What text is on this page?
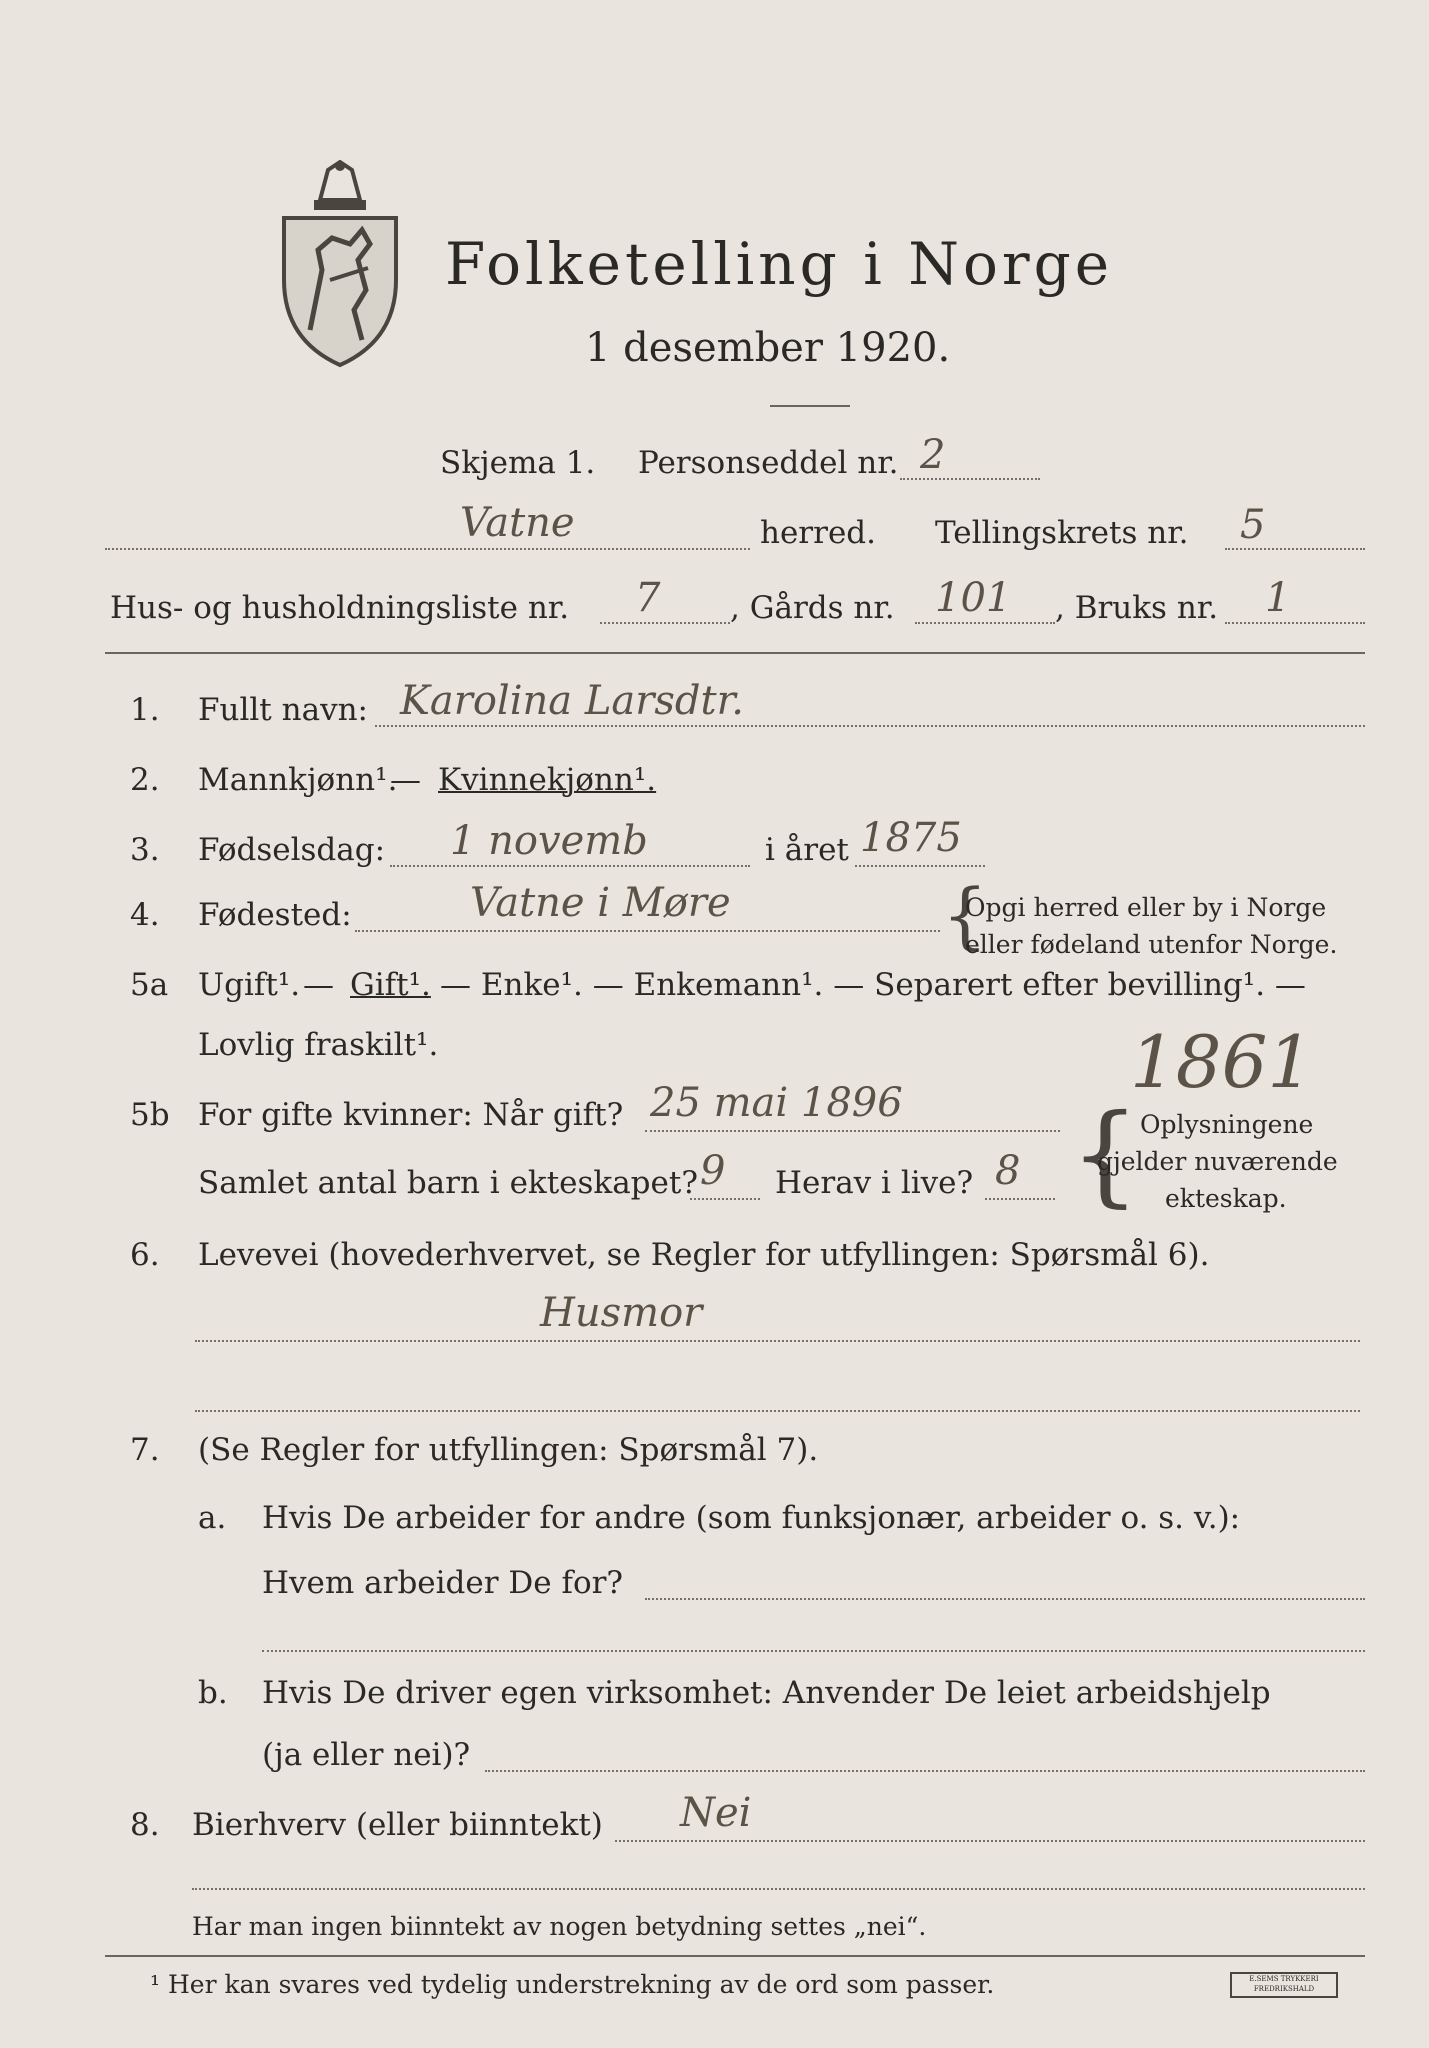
Folketelling i Norge
1 desember 1920.
Skjema 1. Personseddel nr. 2
Vatne	herred. Tellingskrets nr. 5
Hus- og husholdningsliste nr. 7 , Gårds nr. 101 , Bruks nr. 1
1. Fullt navn: Karolina Larsdtr.
2. Mannkjønn¹.
— Kvinnekjønn¹.
3. Fødselsdag: 1 novemb	i året 1875
4. Fødested:	Vatne i Møre	{
Opgi herred eller by i Norge
eller fødeland utenfor Norge.
5a Ugift¹. — Gift¹. — Enke¹. — Enkemann¹. — Separert efter bevilling¹. —
Lovlig fraskilt¹.	1861
5b For gifte kvinner: Når gift? 25 mai 1896
Samlet antal barn i ekteskapet? 9 Herav i live? 8 { Oplysningene
gjelder nuværende
ekteskap.
6. Levevei (hovederhvervet, se Regler for utfyllingen: Spørsmål 6).
Husmor
7. (Se Regler for utfyllingen: Spørsmål 7).
a. Hvis De arbeider for andre (som funksjonær, arbeider o. s. v.):
Hvem arbeider De for?
b. Hvis De driver egen virksomhet: Anvender De leiet arbeidshjelp
(ja eller nei)?
8. Bierhverv (eller biinntekt) Nei
Har man ingen biinntekt av nogen betydning settes „nei“.
¹ Her kan svares ved tydelig understrekning av de ord som passer.	E.SEMS TRYKKERI FREDRIKSHALD
